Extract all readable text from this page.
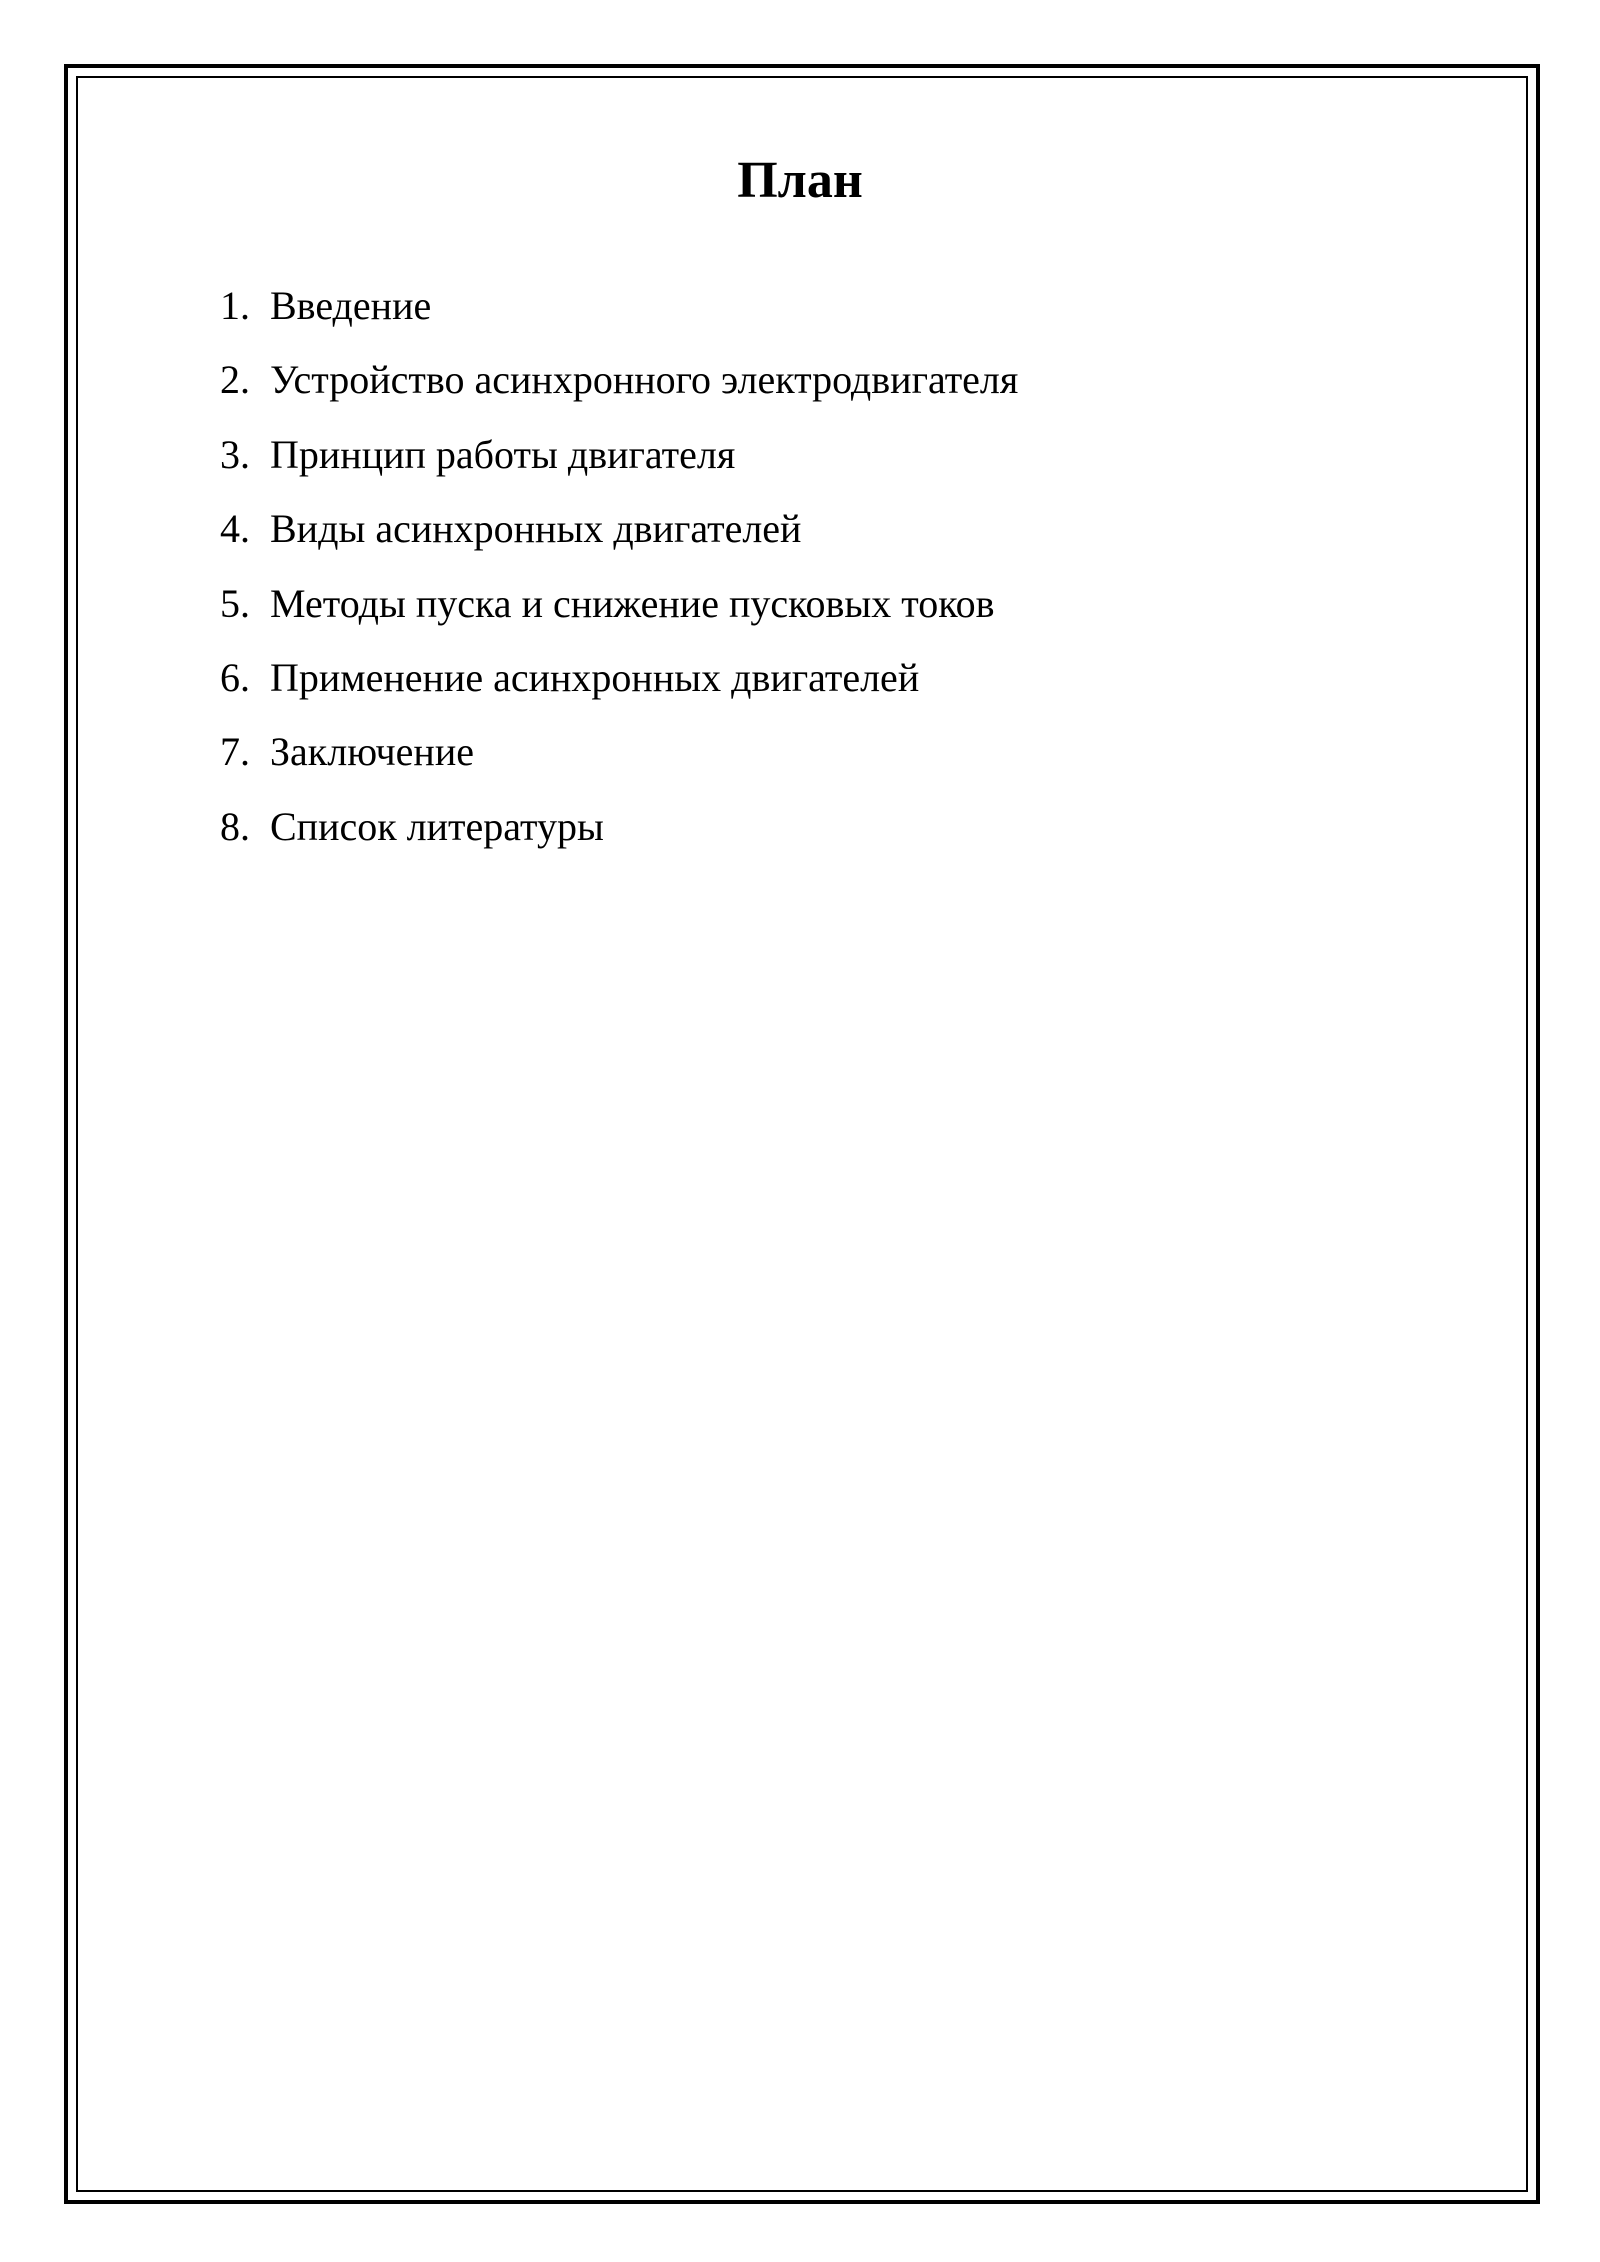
План
1. Введение
2. Устройство асинхронного электродвигателя
3. Принцип работы двигателя
4. Виды асинхронных двигателей
5. Методы пуска и снижение пусковых токов
6. Применение асинхронных двигателей
7. Заключение
8. Список литературы
